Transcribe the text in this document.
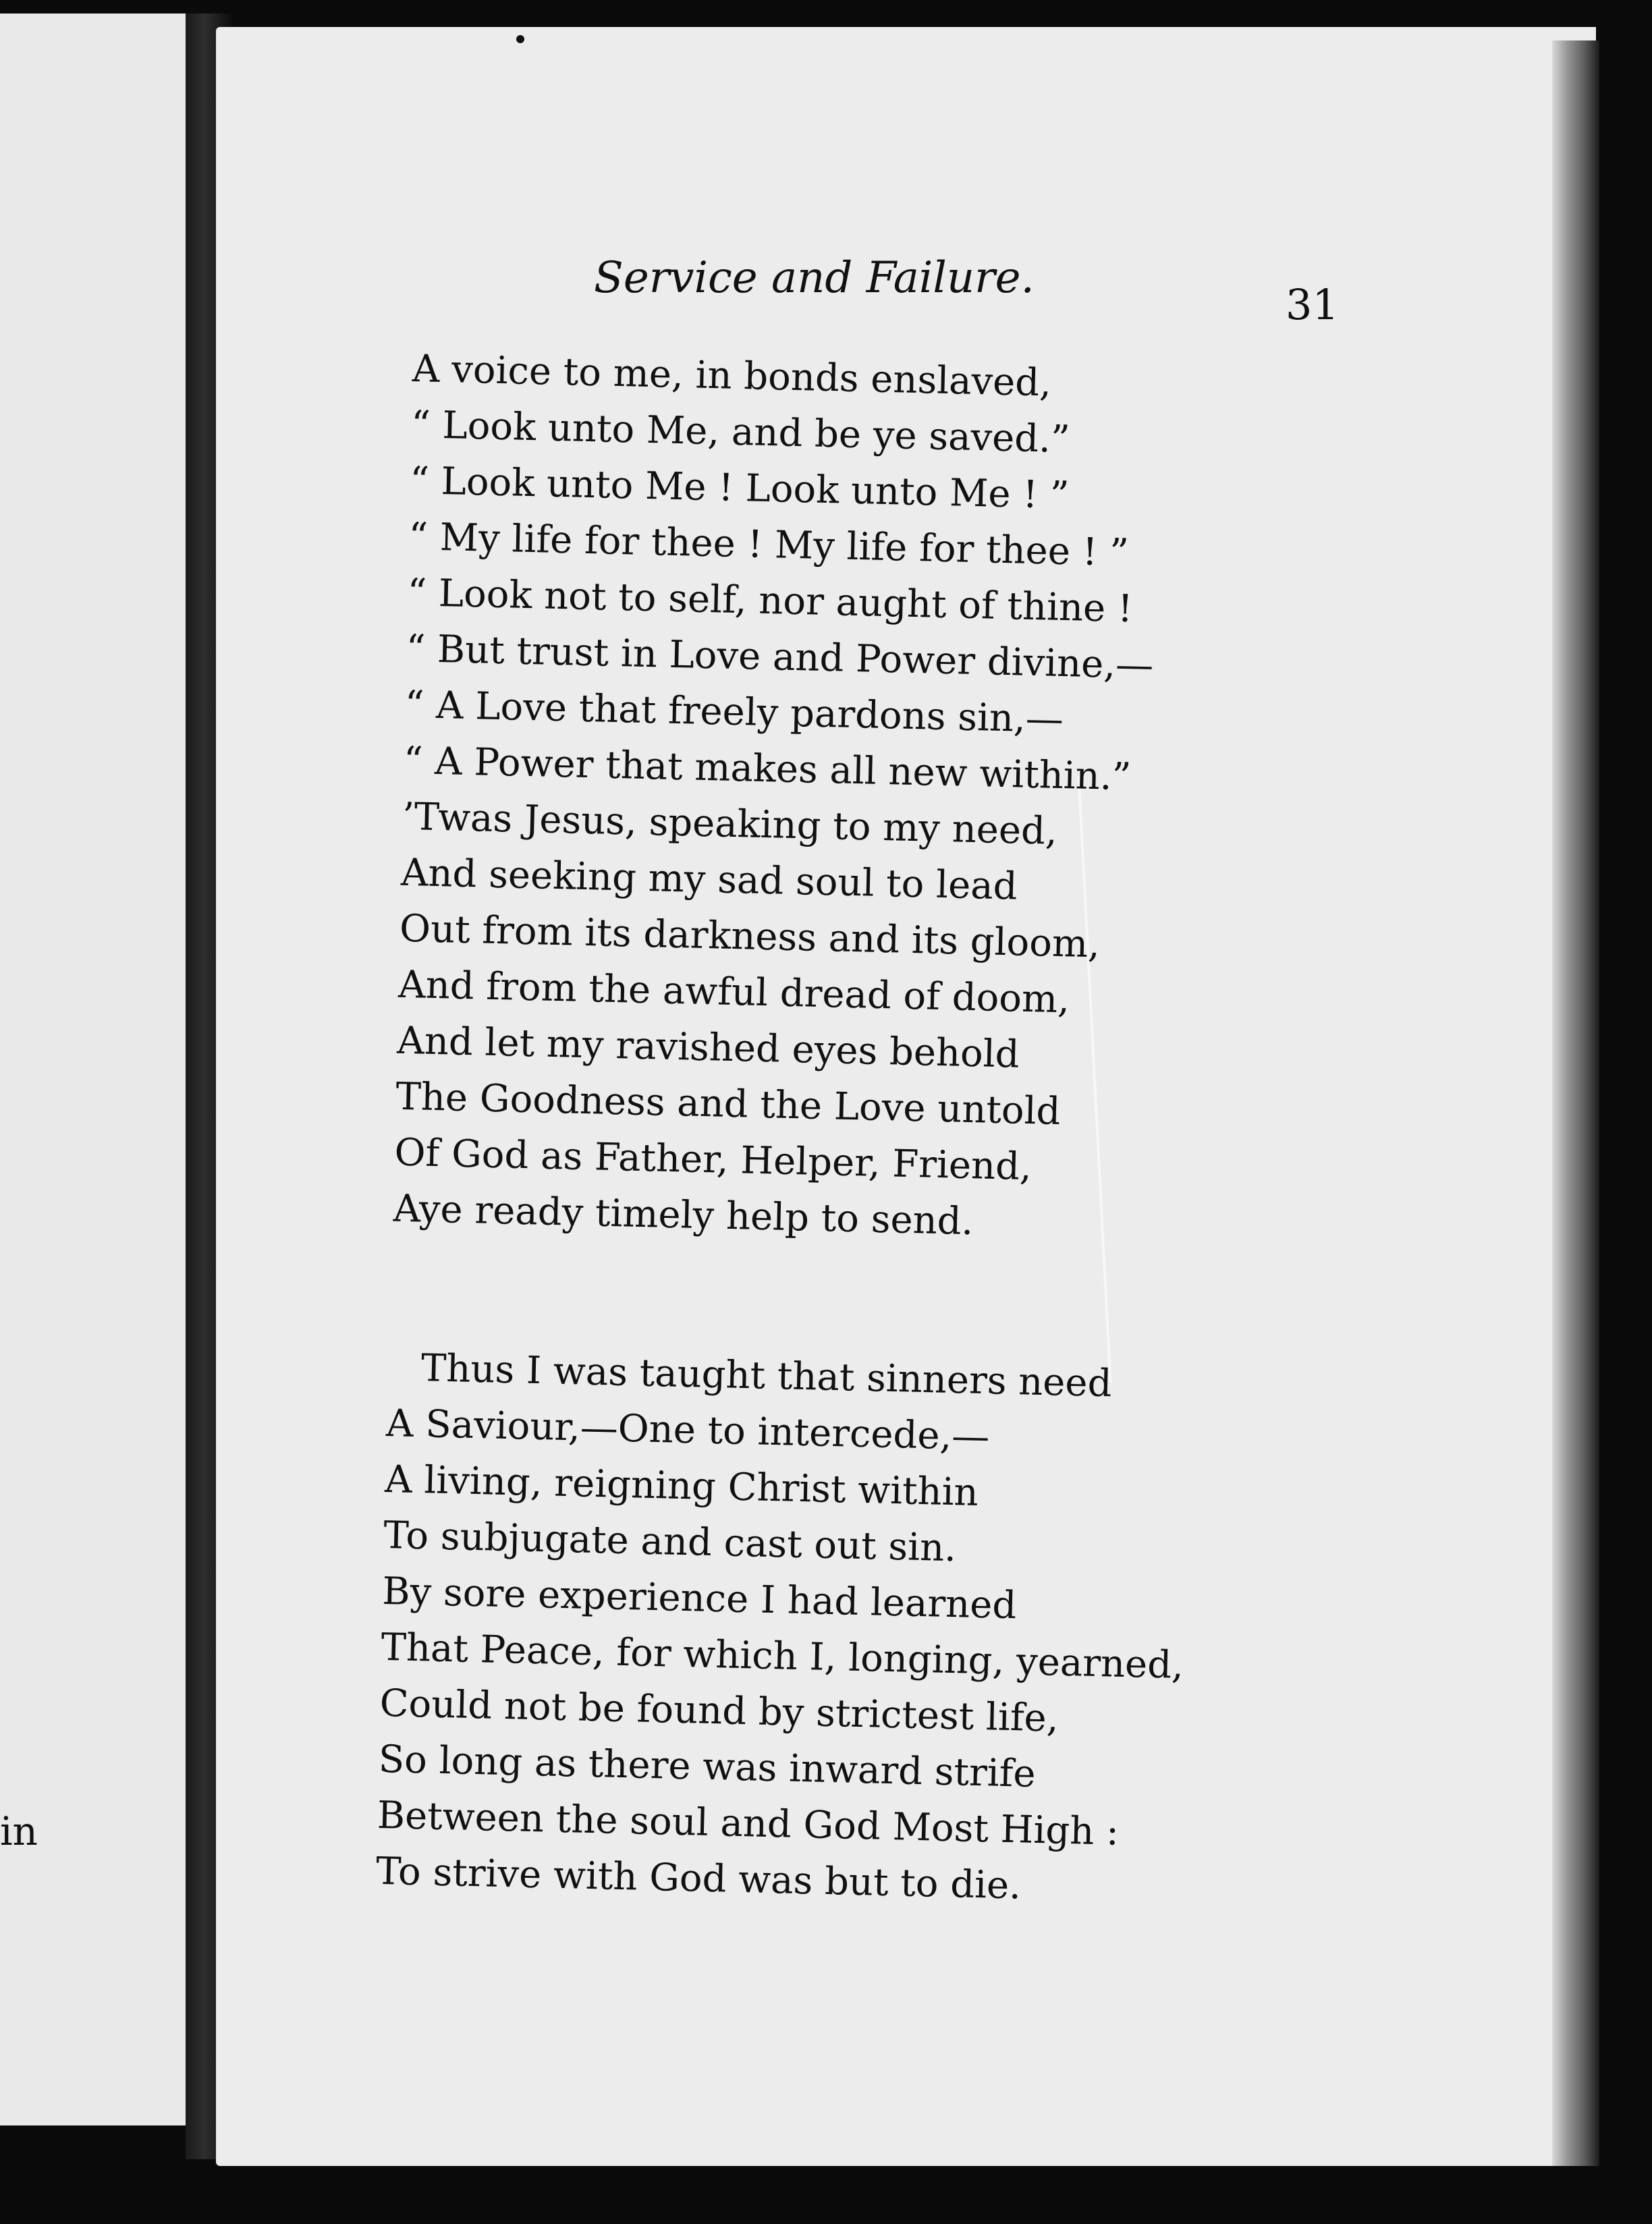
in
Service and Failure.
31
A voice to me, in bonds enslaved,
“ Look unto Me, and be ye saved.”
“ Look unto Me ! Look unto Me ! ”
“ My life for thee ! My life for thee ! ”
“ Look not to self, nor aught of thine !
“ But trust in Love and Power divine,—
“ A Love that freely pardons sin,—
“ A Power that makes all new within.”
’Twas Jesus, speaking to my need,
And seeking my sad soul to lead
Out from its darkness and its gloom,
And from the awful dread of doom,
And let my ravished eyes behold
The Goodness and the Love untold
Of God as Father, Helper, Friend,
Aye ready timely help to send.
Thus I was taught that sinners need
A Saviour,—One to intercede,—
A living, reigning Christ within
To subjugate and cast out sin.
By sore experience I had learned
That Peace, for which I, longing, yearned,
Could not be found by strictest life,
So long as there was inward strife
Between the soul and God Most High :
To strive with God was but to die.
